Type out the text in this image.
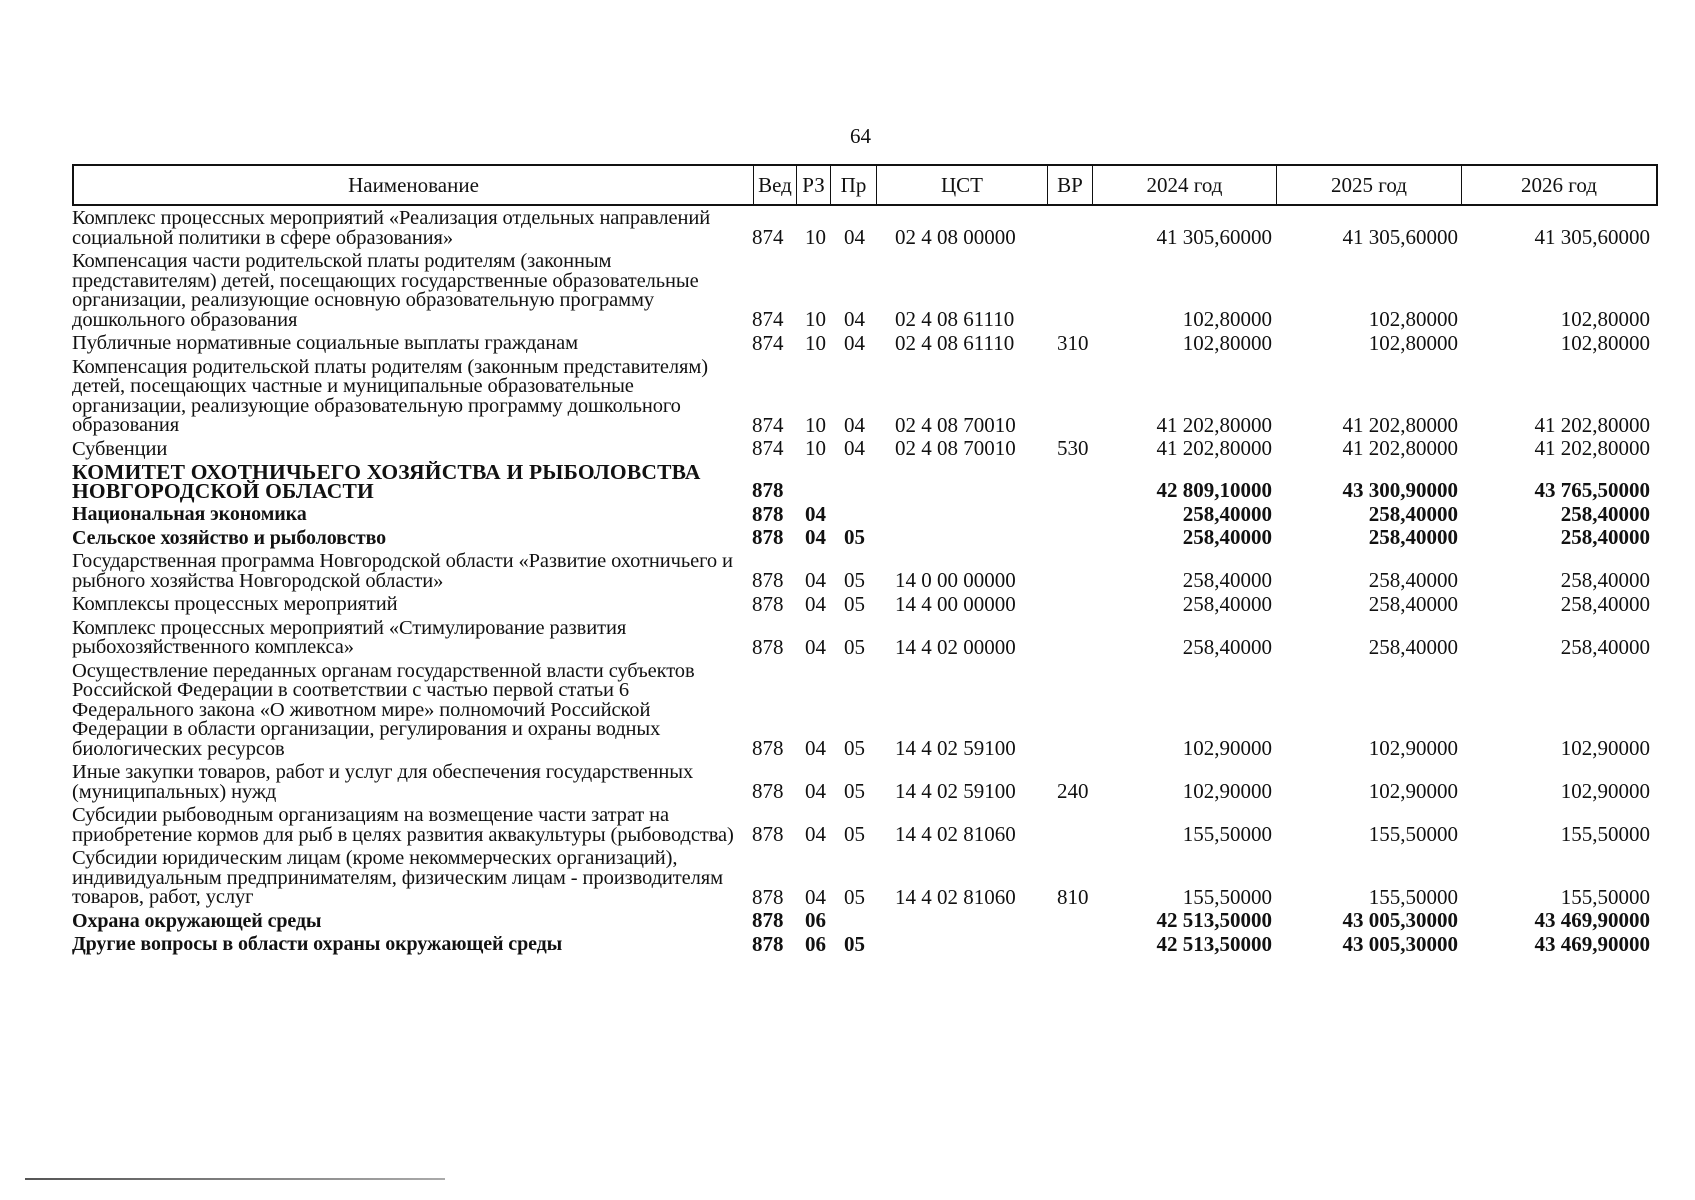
64
Наименование	Вед РЗ Пр	ЦСТ	ВР	2024 год	2025 год	2026 год
Комплекс процессных мероприятий «Реализация отдельных направлений социальной политики в сфере образования»	874 10 04 02 4 08 00000	41 305,60000	41 305,60000	41 305,60000
Компенсация части родительской платы родителям (законным представителям) детей, посещающих государственные образовательные организации, реализующие основную образовательную программу дошкольного образования	874 10 04 02 4 08 61110	102,80000	102,80000	102,80000
Публичные нормативные социальные выплаты гражданам	874 10 04 02 4 08 61110 310	102,80000	102,80000	102,80000
Компенсация родительской платы родителям (законным представителям) детей, посещающих частные и муниципальные образовательные организации, реализующие образовательную программу дошкольного образования	874 10 04 02 4 08 70010	41 202,80000	41 202,80000	41 202,80000
Субвенции	874 10 04 02 4 08 70010 530	41 202,80000	41 202,80000	41 202,80000
КОМИТЕТ ОХОТНИЧЬЕГО ХОЗЯЙСТВА И РЫБОЛОВСТВА НОВГОРОДСКОЙ ОБЛАСТИ	878	42 809,10000	43 300,90000	43 765,50000
Национальная экономика	878 04	258,40000	258,40000	258,40000
Сельское хозяйство и рыболовство	878 04 05	258,40000	258,40000	258,40000
Государственная программа Новгородской области «Развитие охотничьего и рыбного хозяйства Новгородской области»	878 04 05 14 0 00 00000	258,40000	258,40000	258,40000
Комплексы процессных мероприятий	878 04 05 14 4 00 00000	258,40000	258,40000	258,40000
Комплекс процессных мероприятий «Стимулирование развития рыбохозяйственного комплекса»	878 04 05 14 4 02 00000	258,40000	258,40000	258,40000
Осуществление переданных органам государственной власти субъектов Российской Федерации в соответствии с частью первой статьи 6 Федерального закона «О животном мире» полномочий Российской Федерации в области организации, регулирования и охраны водных биологических ресурсов	878 04 05 14 4 02 59100	102,90000	102,90000	102,90000
Иные закупки товаров, работ и услуг для обеспечения государственных (муниципальных) нужд	878 04 05 14 4 02 59100 240	102,90000	102,90000	102,90000
Субсидии рыбоводным организациям на возмещение части затрат на приобретение кормов для рыб в целях развития аквакультуры (рыбоводства) 878 04 05 14 4 02 81060	155,50000	155,50000	155,50000
Субсидии юридическим лицам (кроме некоммерческих организаций), индивидуальным предпринимателям, физическим лицам - производителям товаров, работ, услуг	878 04 05 14 4 02 81060 810	155,50000	155,50000	155,50000
Охрана окружающей среды	878 06	42 513,50000	43 005,30000	43 469,90000
Другие вопросы в области охраны окружающей среды	878 06 05	42 513,50000	43 005,30000	43 469,90000
